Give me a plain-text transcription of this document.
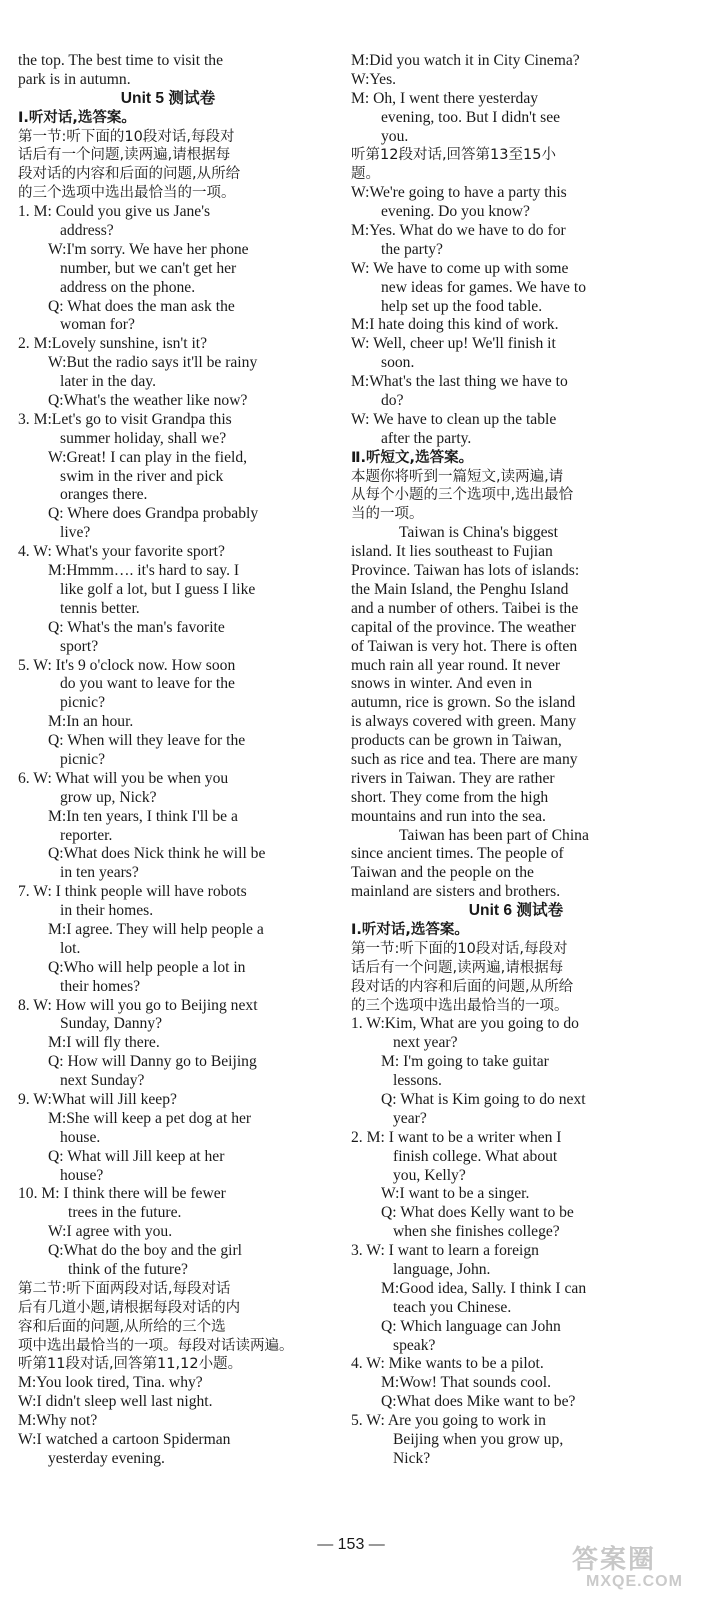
the top. The best time to visit the
park is in autumn.
Unit 5 测试卷
Ⅰ.听对话,选答案。
第一节:听下面的10段对话,每段对
话后有一个问题,读两遍,请根据每
段对话的内容和后面的问题,从所给
的三个选项中选出最恰当的一项。
1. M: Could you give us Jane's
address?
W:I'm sorry. We have her phone
number, but we can't get her
address on the phone.
Q: What does the man ask the
woman for?
2. M:Lovely sunshine, isn't it?
W:But the radio says it'll be rainy
later in the day.
Q:What's the weather like now?
3. M:Let's go to visit Grandpa this
summer holiday, shall we?
W:Great! I can play in the field,
swim in the river and pick
oranges there.
Q: Where does Grandpa probably
live?
4. W: What's your favorite sport?
M:Hmmm…. it's hard to say. I
like golf a lot, but I guess I like
tennis better.
Q: What's the man's favorite
sport?
5. W: It's 9 o'clock now. How soon
do you want to leave for the
picnic?
M:In an hour.
Q: When will they leave for the
picnic?
6. W: What will you be when you
grow up, Nick?
M:In ten years, I think I'll be a
reporter.
Q:What does Nick think he will be
in ten years?
7. W: I think people will have robots
in their homes.
M:I agree. They will help people a
lot.
Q:Who will help people a lot in
their homes?
8. W: How will you go to Beijing next
Sunday, Danny?
M:I will fly there.
Q: How will Danny go to Beijing
next Sunday?
9. W:What will Jill keep?
M:She will keep a pet dog at her
house.
Q: What will Jill keep at her
house?
10. M: I think there will be fewer
trees in the future.
W:I agree with you.
Q:What do the boy and the girl
think of the future?
第二节:听下面两段对话,每段对话
后有几道小题,请根据每段对话的内
容和后面的问题,从所给的三个选
项中选出最恰当的一项。每段对话读两遍。
听第11段对话,回答第11,12小题。
M:You look tired, Tina. why?
W:I didn't sleep well last night.
M:Why not?
W:I watched a cartoon Spiderman
yesterday evening.
M:Did you watch it in City Cinema?
W:Yes.
M: Oh, I went there yesterday
evening, too. But I didn't see
you.
听第12段对话,回答第13至15小
题。
W:We're going to have a party this
evening. Do you know?
M:Yes. What do we have to do for
the party?
W: We have to come up with some
new ideas for games. We have to
help set up the food table.
M:I hate doing this kind of work.
W: Well, cheer up! We'll finish it
soon.
M:What's the last thing we have to
do?
W: We have to clean up the table
after the party.
Ⅱ.听短文,选答案。
本题你将听到一篇短文,读两遍,请
从每个小题的三个选项中,选出最恰
当的一项。
Taiwan is China's biggest
island. It lies southeast to Fujian
Province. Taiwan has lots of islands:
the Main Island, the Penghu Island
and a number of others. Taibei is the
capital of the province. The weather
of Taiwan is very hot. There is often
much rain all year round. It never
snows in winter. And even in
autumn, rice is grown. So the island
is always covered with green. Many
products can be grown in Taiwan,
such as rice and tea. There are many
rivers in Taiwan. They are rather
short. They come from the high
mountains and run into the sea.
Taiwan has been part of China
since ancient times. The people of
Taiwan and the people on the
mainland are sisters and brothers.
Unit 6 测试卷
Ⅰ.听对话,选答案。
第一节:听下面的10段对话,每段对
话后有一个问题,读两遍,请根据每
段对话的内容和后面的问题,从所给
的三个选项中选出最恰当的一项。
1. W:Kim, What are you going to do
next year?
M: I'm going to take guitar
lessons.
Q: What is Kim going to do next
year?
2. M: I want to be a writer when I
finish college. What about
you, Kelly?
W:I want to be a singer.
Q: What does Kelly want to be
when she finishes college?
3. W: I want to learn a foreign
language, John.
M:Good idea, Sally. I think I can
teach you Chinese.
Q: Which language can John
speak?
4. W: Mike wants to be a pilot.
M:Wow! That sounds cool.
Q:What does Mike want to be?
5. W: Are you going to work in
Beijing when you grow up,
Nick?
— 153 —
答案圈
MXQE.COM
